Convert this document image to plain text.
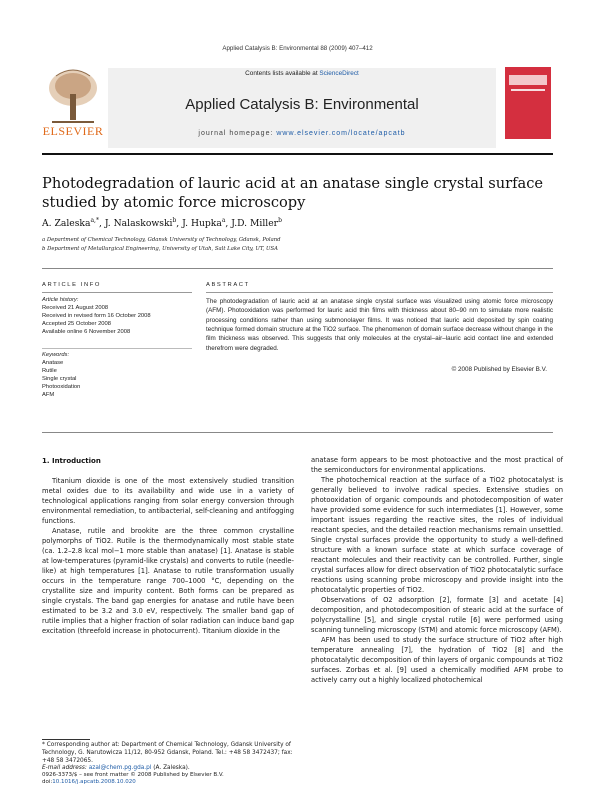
Applied Catalysis B: Environmental 88 (2009) 407–412
ELSEVIER
Contents lists available at ScienceDirect
Applied Catalysis B: Environmental
journal homepage: www.elsevier.com/locate/apcatb
Photodegradation of lauric acid at an anatase single crystal surface studied by atomic force microscopy
A. Zaleska$^{a,*}$, J. Nalaskowski$^b$, J. Hupka$^a$, J.D. Miller$^b$
a Department of Chemical Technology, Gdansk University of Technology, Gdansk, Poland
b Department of Metallurgical Engineering, University of Utah, Salt Lake City, UT, USA
ARTICLE INFO	ABSTRACT
Article history:
Received 21 August 2008
Received in revised form 16 October 2008
Accepted 25 October 2008
Available online 6 November 2008
Keywords:
Anatase
Rutile
Single crystal
Photooxidation
AFM
The photodegradation of lauric acid at an anatase single crystal surface was visualized using atomic force microscopy (AFM). Photooxidation was performed for lauric acid thin films with thickness about 80–90 nm to simulate more realistic processing conditions rather than using submonolayer films. It was noticed that lauric acid deposited by spin coating technique formed domain structure at the TiO2 surface. The phenomenon of domain surface decrease without change in the film thickness was observed. This suggests that only molecules at the crystal–air–lauric acid contact line and extended therefrom were degraded.
© 2008 Published by Elsevier B.V.
1. Introduction

Titanium dioxide is one of the most extensively studied transition metal oxides due to its availability and wide use in a variety of technological applications ranging from solar energy conversion through environmental remediation, to antibacterial, self-cleaning and antifogging functions.

Anatase, rutile and brookite are the three common crystalline polymorphs of TiO2. Rutile is the thermodynamically most stable state (ca. 1.2–2.8 kcal mol−1 more stable than anatase) [1]. Anatase is stable at low-temperatures (pyramid-like crystals) and converts to rutile (needle-like) at high temperatures [1]. Anatase to rutile transformation usually occurs in the temperature range 700–1000 °C, depending on the crystallite size and impurity content. Both forms can be prepared as single crystals. The band gap energies for anatase and rutile have been estimated to be 3.2 and 3.0 eV, respectively. The smaller band gap of rutile implies that a higher fraction of solar radiation can induce band gap excitation (threefold increase in photocurrent). Titanium dioxide in the

anatase form appears to be most photoactive and the most practical of the semiconductors for environmental applications.

The photochemical reaction at the surface of a TiO2 photocatalyst is generally believed to involve radical species. Extensive studies on photooxidation of organic compounds and photodecomposition of water have provided some evidence for such intermediates [1]. However, some important issues regarding the reactive sites, the roles of individual reactant species, and the detailed reaction mechanisms remain unsettled. Single crystal surfaces provide the opportunity to study a well-defined structure with a known surface state at which surface coverage of reactant molecules and their reactivity can be controlled. Further, single crystal surfaces allow for direct observation of TiO2 photocatalytic surface reactions using scanning probe microscopy and provide insight into the photocatalytic properties of TiO2.

Observations of O2 adsorption [2], formate [3] and acetate [4] decomposition, and photodecomposition of stearic acid at the surface of polycrystalline [5], and single crystal rutile [6] were performed using scanning tunneling microscopy (STM) and atomic force microscopy (AFM).

AFM has been used to study the surface structure of TiO2 after high temperature annealing [7], the hydration of TiO2 [8] and the photocatalytic decomposition of thin layers of organic compounds at TiO2 surfaces. Zorbas et al. [9] used a chemically modified AFM probe to actively carry out a highly localized photochemical

* Corresponding author at: Department of Chemical Technology, Gdansk University of Technology, G. Narutowicza 11/12, 80-952 Gdansk, Poland. Tel.: +48 58 3472437; fax: +48 58 3472065.
E-mail address: azal@chem.pg.gda.pl (A. Zaleska).
0926-3373/$ – see front matter © 2008 Published by Elsevier B.V.
doi:10.1016/j.apcatb.2008.10.020
